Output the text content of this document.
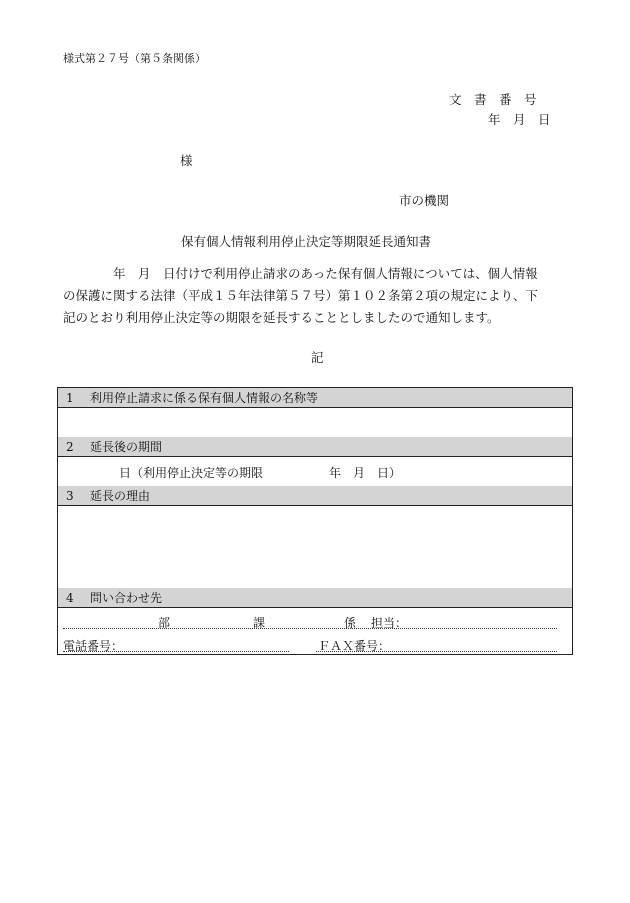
様式第２７号（第５条関係）
文　書　番　号
年　月　日
様
市の機関
保有個人情報利用停止決定等期限延長通知書
　　　　年　月　日付けで利用停止請求のあった保有個人情報については、個人情報
の保護に関する法律（平成１５年法律第５７号）第１０２条第２項の規定により、下
記のとおり利用停止決定等の期限を延長することとしましたので通知します。
記
1 利用停止請求に係る保有個人情報の名称等
2 延長後の期間
日（利用停止決定等の期限	年　月　日）
3 延長の理由
4 問い合わせ先
部	課	係 担当：
電話番号：	ＦＡＸ番号：
